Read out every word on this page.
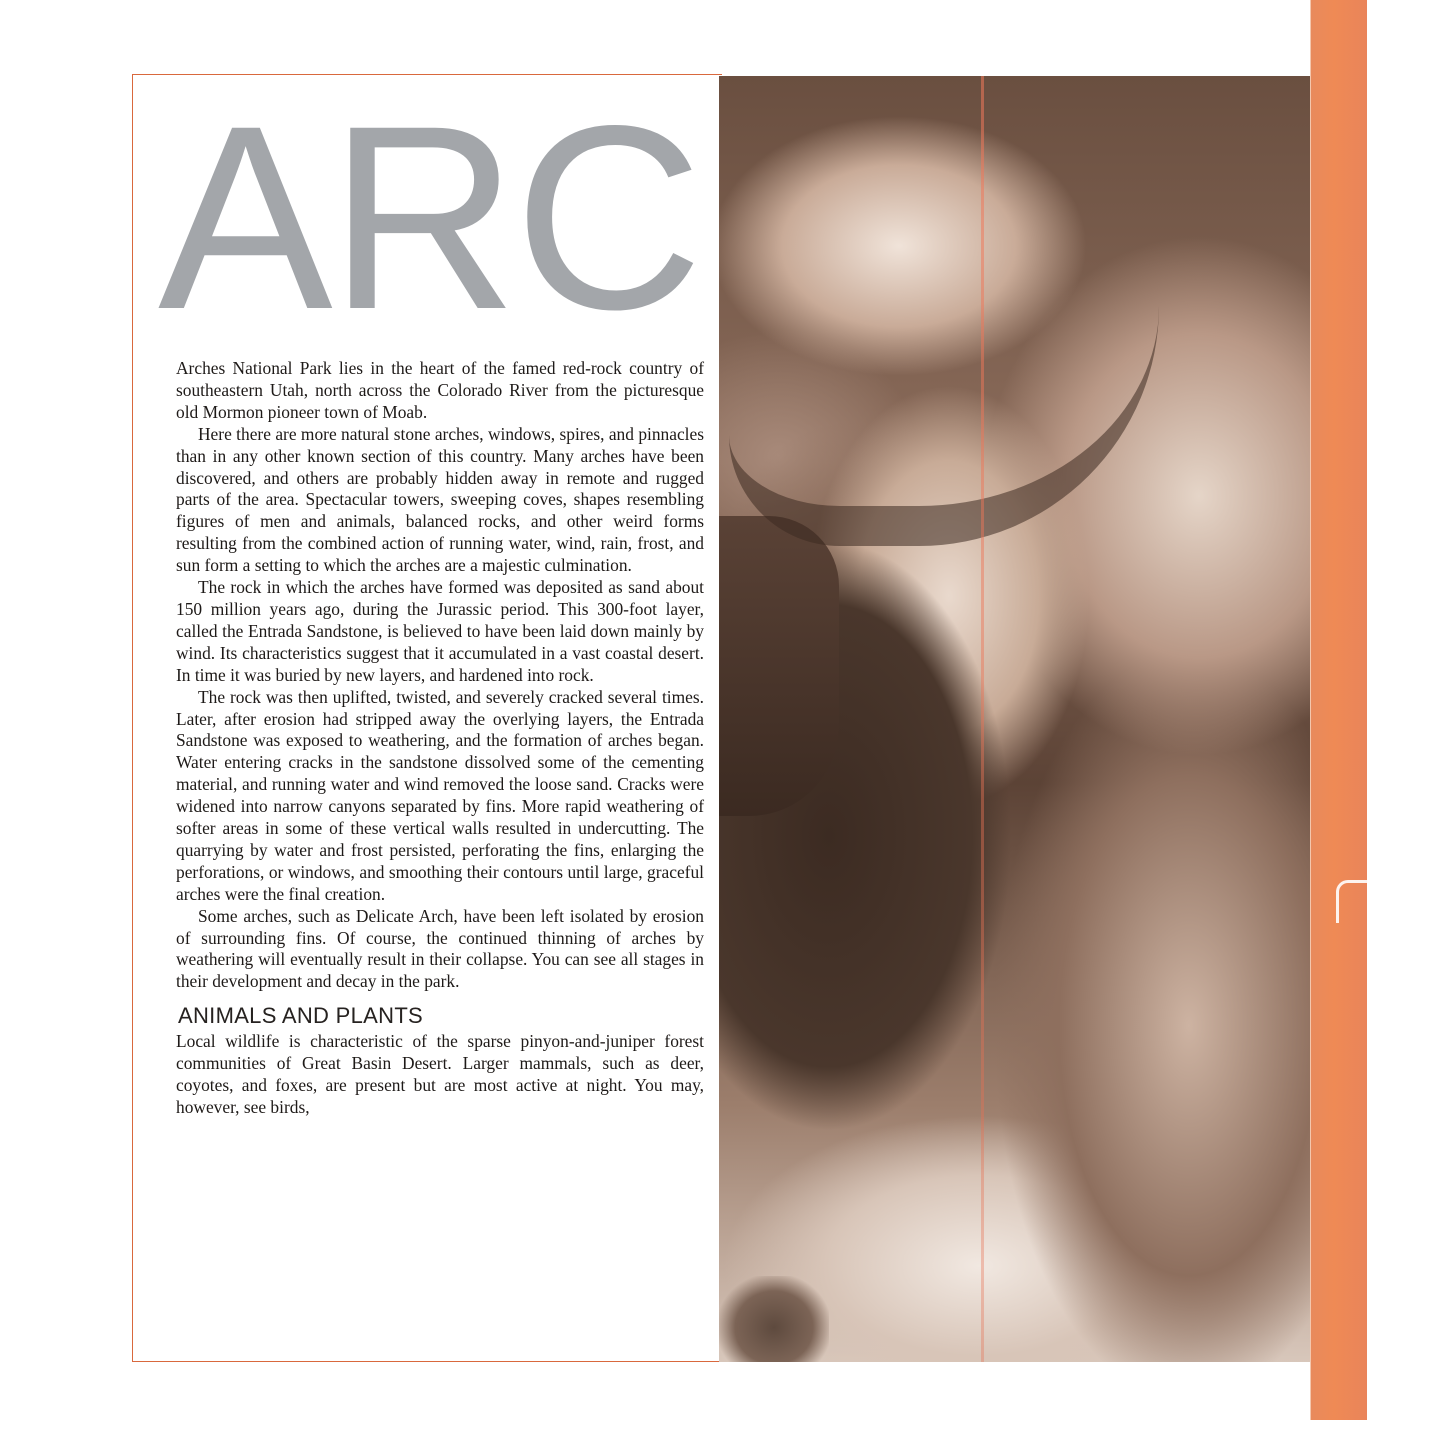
ARC

Arches National Park lies in the heart of the famed red-rock country of southeastern Utah, north across the Colorado River from the picturesque old Mormon pioneer town of Moab.

Here there are more natural stone arches, windows, spires, and pinnacles than in any other known section of this country. Many arches have been discovered, and others are probably hidden away in remote and rugged parts of the area. Spectacular towers, sweeping coves, shapes resembling figures of men and animals, balanced rocks, and other weird forms resulting from the combined action of running water, wind, rain, frost, and sun form a setting to which the arches are a majestic culmination.

The rock in which the arches have formed was deposited as sand about 150 million years ago, during the Jurassic period. This 300-foot layer, called the Entrada Sandstone, is believed to have been laid down mainly by wind. Its characteristics suggest that it accumulated in a vast coastal desert. In time it was buried by new layers, and hardened into rock.

The rock was then uplifted, twisted, and severely cracked several times. Later, after erosion had stripped away the overlying layers, the Entrada Sandstone was exposed to weathering, and the formation of arches began. Water entering cracks in the sandstone dissolved some of the cementing material, and running water and wind removed the loose sand. Cracks were widened into narrow canyons separated by fins. More rapid weathering of softer areas in some of these vertical walls resulted in undercutting. The quarrying by water and frost persisted, perforating the fins, enlarging the perforations, or windows, and smoothing their contours until large, graceful arches were the final creation.

Some arches, such as Delicate Arch, have been left isolated by erosion of surrounding fins. Of course, the continued thinning of arches by weathering will eventually result in their collapse. You can see all stages in their development and decay in the park.

ANIMALS AND PLANTS

Local wildlife is characteristic of the sparse pinyon-and-juniper forest communities of Great Basin Desert. Larger mammals, such as deer, coyotes, and foxes, are present but are most active at night. You may, however, see birds,
